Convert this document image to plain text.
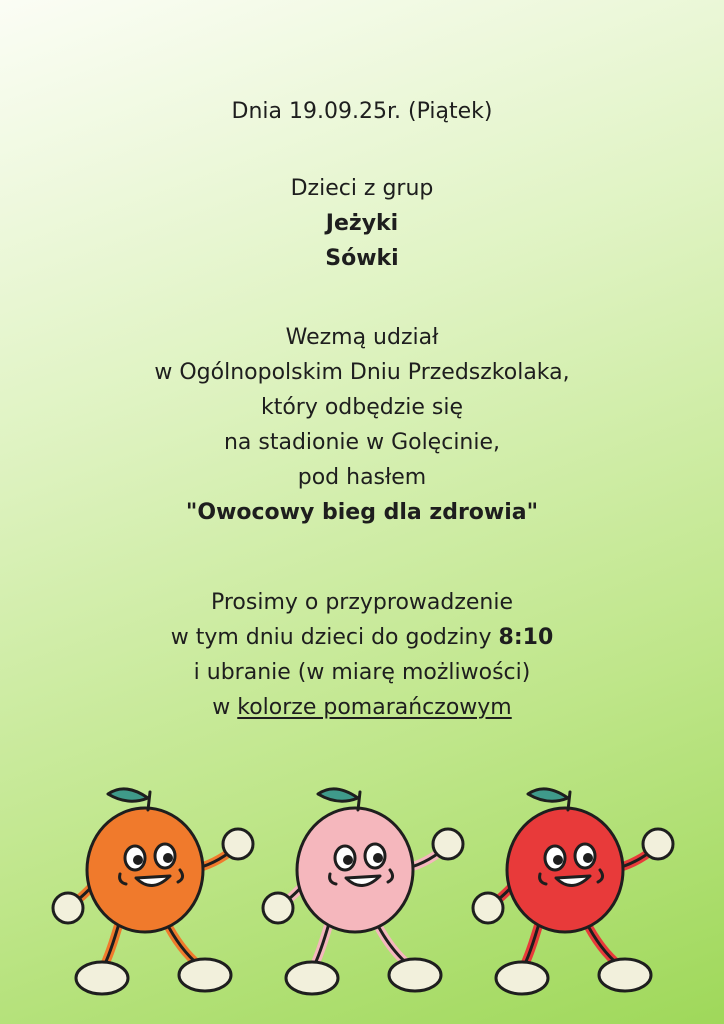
Dnia 19.09.25r. (Piątek)
Dzieci z grup
Jeżyki
Sówki
Wezmą udział
w Ogólnopolskim Dniu Przedszkolaka,
który odbędzie się
na stadionie w Golęcinie,
pod hasłem
"Owocowy bieg dla zdrowia"
Prosimy o przyprowadzenie
w tym dniu dzieci do godziny 8:10
i ubranie (w miarę możliwości)
w kolorze pomarańczowym
